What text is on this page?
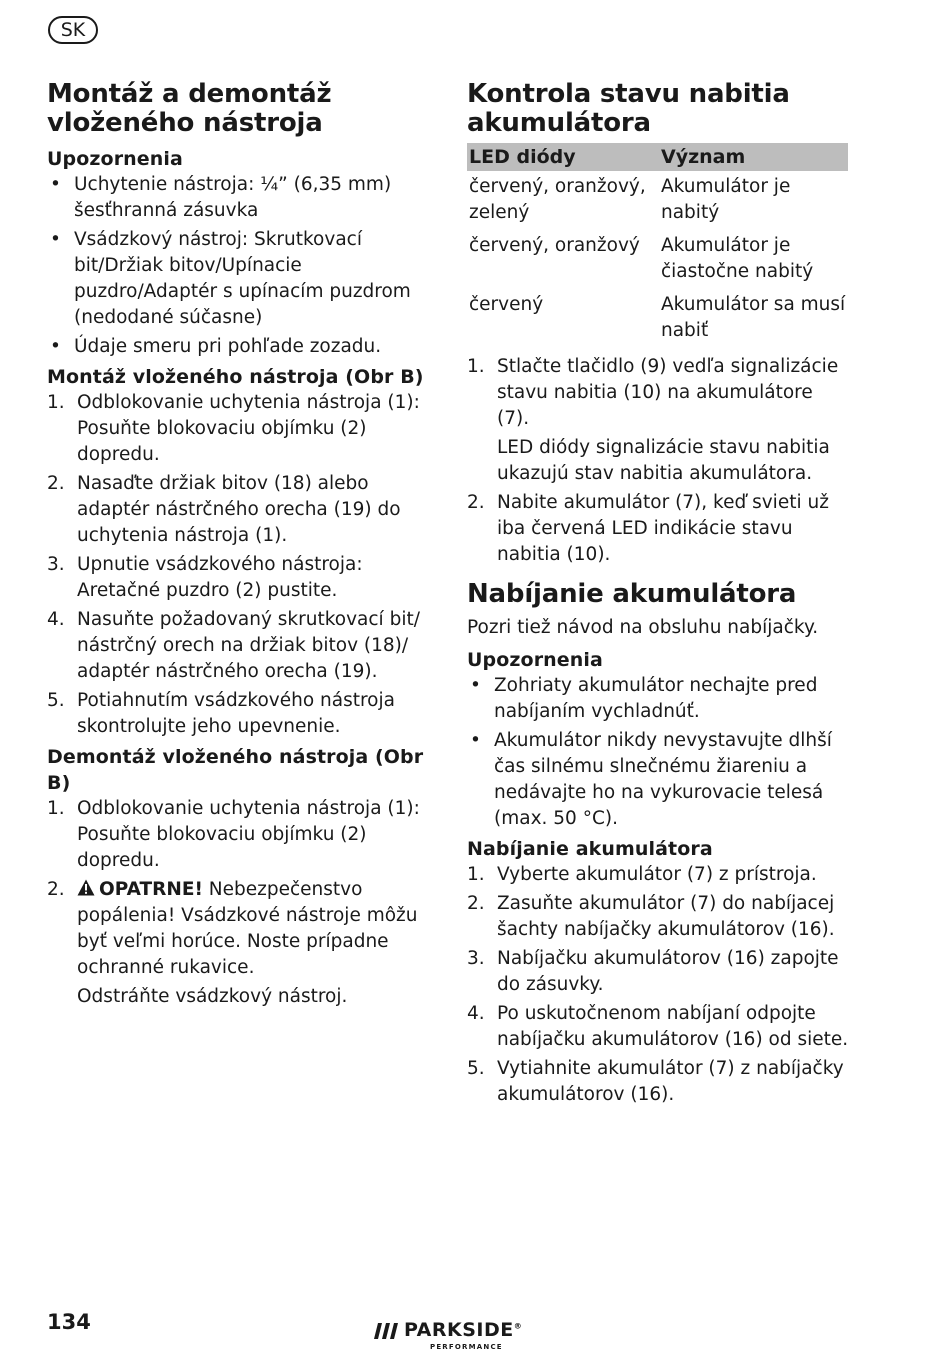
SK
Montáž a demontáž vloženého nástroja
Upozornenia
• Uchytenie nástroja: ¼” (6,35 mm) šesťhranná zásuvka
• Vsádzkový nástroj: Skrutkovací bit/Držiak bitov/Upínacie puzdro/Adaptér s upínacím puzdrom (nedodané súčasne)
• Údaje smeru pri pohľade zozadu.
Montáž vloženého nástroja (Obr B)
1. Odblokovanie uchytenia nástroja (1): Posuňte blokovaciu objímku (2) dopredu.
2. Nasaďte držiak bitov (18) alebo adaptér nástrčného orecha (19) do uchytenia nástroja (1).
3. Upnutie vsádzkového nástroja: Aretačné puzdro (2) pustite.
4. Nasuňte požadovaný skrutkovací bit/ nástrčný orech na držiak bitov (18)/ adaptér nástrčného orecha (19).
5. Potiahnutím vsádzkového nástroja skontrolujte jeho upevnenie.
Demontáž vloženého nástroja (Obr B)
1. Odblokovanie uchytenia nástroja (1): Posuňte blokovaciu objímku (2) dopredu.
2. OPATRNE! Nebezpečenstvo popálenia! Vsádzkové nástroje môžu byť veľmi horúce. Noste prípadne ochranné rukavice.
Odstráňte vsádzkový nástroj.
Kontrola stavu nabitia akumulátora
LED diódy	Význam
červený, oranžový, zelený	Akumulátor je nabitý
červený, oranžový	Akumulátor je čiastočne nabitý
červený	Akumulátor sa musí nabiť
1. Stlačte tlačidlo (9) vedľa signalizácie stavu nabitia (10) na akumulátore (7).
LED diódy signalizácie stavu nabitia ukazujú stav nabitia akumulátora.
2. Nabite akumulátor (7), keď svieti už iba červená LED indikácie stavu nabitia (10).
Nabíjanie akumulátora

Pozri tiež návod na obsluhu nabíjačky.

Upozornenia
• Zohriaty akumulátor nechajte pred nabíjaním vychladnúť.
• Akumulátor nikdy nevystavujte dlhší čas silnému slnečnému žiareniu a nedávajte ho na vykurovacie telesá (max. 50 °C).
Nabíjanie akumulátora
1. Vyberte akumulátor (7) z prístroja.
2. Zasuňte akumulátor (7) do nabíjacej šachty nabíjačky akumulátorov (16).
3. Nabíjačku akumulátorov (16) zapojte do zásuvky.
4. Po uskutočnenom nabíjaní odpojte nabíjačku akumulátorov (16) od siete.
5. Vytiahnite akumulátor (7) z nabíjačky akumulátorov (16).
134	PARKSIDE®
PERFORMANCE
